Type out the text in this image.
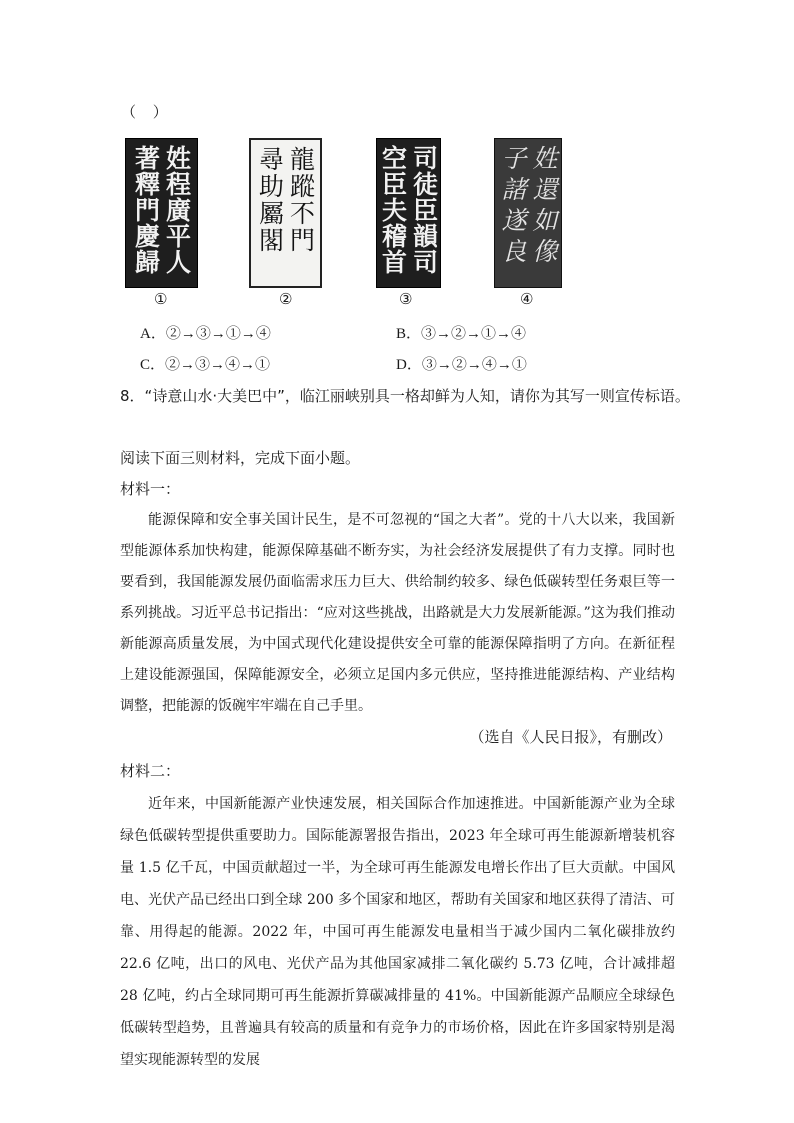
（ ）
姓程廣平人
著釋門慶歸
①
龍蹤不門
尋助屬閣
②
司徒臣韻司
空臣夫稽首
③
姓還如像
子諸遂良
④
A．②→③→①→④	B．③→②→①→④
C．②→③→④→①	D．③→②→④→①
8．“诗意山水·大美巴中”，临江丽峡别具一格却鲜为人知，请你为其写一则宣传标语。
阅读下面三则材料，完成下面小题。
材料一：

能源保障和安全事关国计民生，是不可忽视的“国之大者”。党的十八大以来，我国新型能源体系加快构建，能源保障基础不断夯实，为社会经济发展提供了有力支撑。同时也要看到，我国能源发展仍面临需求压力巨大、供给制约较多、绿色低碳转型任务艰巨等一系列挑战。习近平总书记指出：“应对这些挑战，出路就是大力发展新能源。”这为我们推动新能源高质量发展，为中国式现代化建设提供安全可靠的能源保障指明了方向。在新征程上建设能源强国，保障能源安全，必须立足国内多元供应，坚持推进能源结构、产业结构调整，把能源的饭碗牢牢端在自己手里。

（选自《人民日报》，有删改）
材料二：

近年来，中国新能源产业快速发展，相关国际合作加速推进。中国新能源产业为全球绿色低碳转型提供重要助力。国际能源署报告指出，2023 年全球可再生能源新增装机容量 1.5 亿千瓦，中国贡献超过一半，为全球可再生能源发电增长作出了巨大贡献。中国风电、光伏产品已经出口到全球 200 多个国家和地区，帮助有关国家和地区获得了清洁、可靠、用得起的能源。2022 年，中国可再生能源发电量相当于减少国内二氧化碳排放约 22.6 亿吨，出口的风电、光伏产品为其他国家减排二氧化碳约 5.73 亿吨，合计减排超 28 亿吨，约占全球同期可再生能源折算碳减排量的 41%。中国新能源产品顺应全球绿色低碳转型趋势，且普遍具有较高的质量和有竞争力的市场价格，因此在许多国家特别是渴望实现能源转型的发展
